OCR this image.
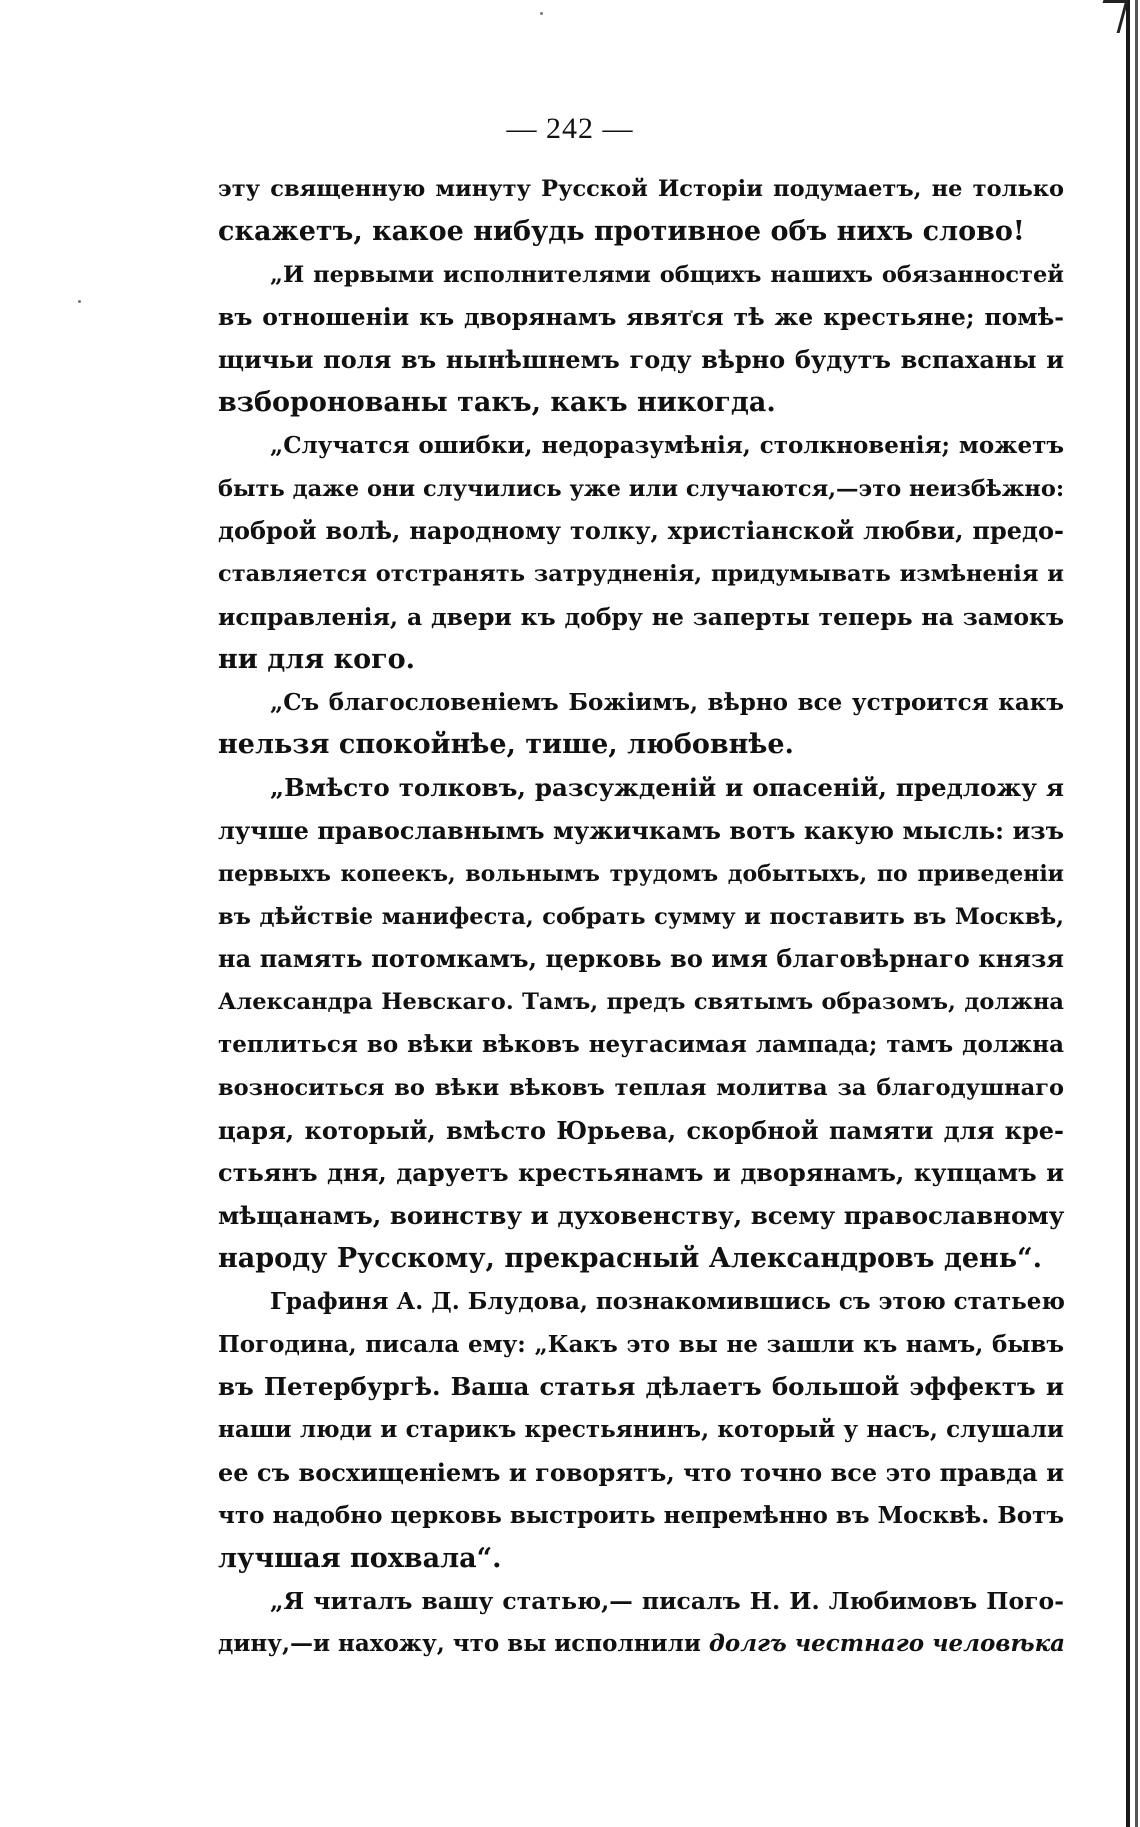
— 242 —
эту священную минуту Русской Исторіи подумаетъ, не только
скажетъ, какое нибудь противное объ нихъ слово!
„И первыми исполнителями общихъ нашихъ обязанностей
въ отношеніи къ дворянамъ явятся тѣ же крестьяне; помѣ-
щичьи поля въ нынѣшнемъ году вѣрно будутъ вспаханы и
взборонованы такъ, какъ никогда.
„Случатся ошибки, недоразумѣнія, столкновенія; можетъ
быть даже они случились уже или случаются,—это неизбѣжно:
доброй волѣ, народному толку, христіанской любви, предо-
ставляется отстранять затрудненія, придумывать измѣненія и
исправленія, а двери къ добру не заперты теперь на замокъ
ни для кого.
„Съ благословеніемъ Божіимъ, вѣрно все устроится какъ
нельзя спокойнѣе, тише, любовнѣе.
„Вмѣсто толковъ, разсужденій и опасеній, предложу я
лучше православнымъ мужичкамъ вотъ какую мысль: изъ
первыхъ копеекъ, вольнымъ трудомъ добытыхъ, по приведеніи
въ дѣйствіе манифеста, собрать сумму и поставить въ Москвѣ,
на память потомкамъ, церковь во имя благовѣрнаго князя
Александра Невскаго. Тамъ, предъ святымъ образомъ, должна
теплиться во вѣки вѣковъ неугасимая лампада; тамъ должна
возноситься во вѣки вѣковъ теплая молитва за благодушнаго
царя, который, вмѣсто Юрьева, скорбной памяти для кре-
стьянъ дня, даруетъ крестьянамъ и дворянамъ, купцамъ и
мѣщанамъ, воинству и духовенству, всему православному
народу Русскому, прекрасный Александровъ день“.
Графиня А. Д. Блудова, познакомившись съ этою статьею
Погодина, писала ему: „Какъ это вы не зашли къ намъ, бывъ
въ Петербургѣ. Ваша статья дѣлаетъ большой эффектъ и
наши люди и старикъ крестьянинъ, который у насъ, слушали
ее съ восхищеніемъ и говорятъ, что точно все это правда и
что надобно церковь выстроить непремѣнно въ Москвѣ. Вотъ
лучшая похвала“.
„Я читалъ вашу статью,— писалъ Н. И. Любимовъ Пого-
дину,—и нахожу, что вы исполнили долгъ честнаго человѣка
